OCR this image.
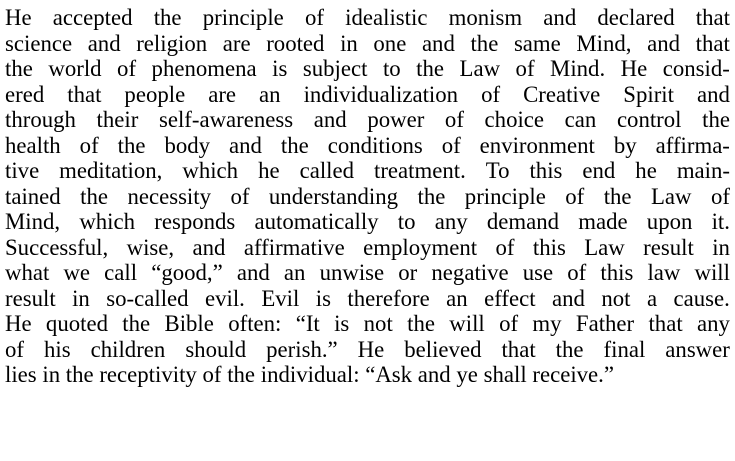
He accepted the principle of idealistic monism and declared that
science and religion are rooted in one and the same Mind, and that
the world of phenomena is subject to the Law of Mind. He consid-
ered that people are an individualization of Creative Spirit and
through their self-awareness and power of choice can control the
health of the body and the conditions of environment by affirma-
tive meditation, which he called treatment. To this end he main-
tained the necessity of understanding the principle of the Law of
Mind, which responds automatically to any demand made upon it.
Successful, wise, and affirmative employment of this Law result in
what we call “good,” and an unwise or negative use of this law will
result in so-called evil. Evil is therefore an effect and not a cause.
He quoted the Bible often: “It is not the will of my Father that any
of his children should perish.” He believed that the final answer
lies in the receptivity of the individual: “Ask and ye shall receive.”
